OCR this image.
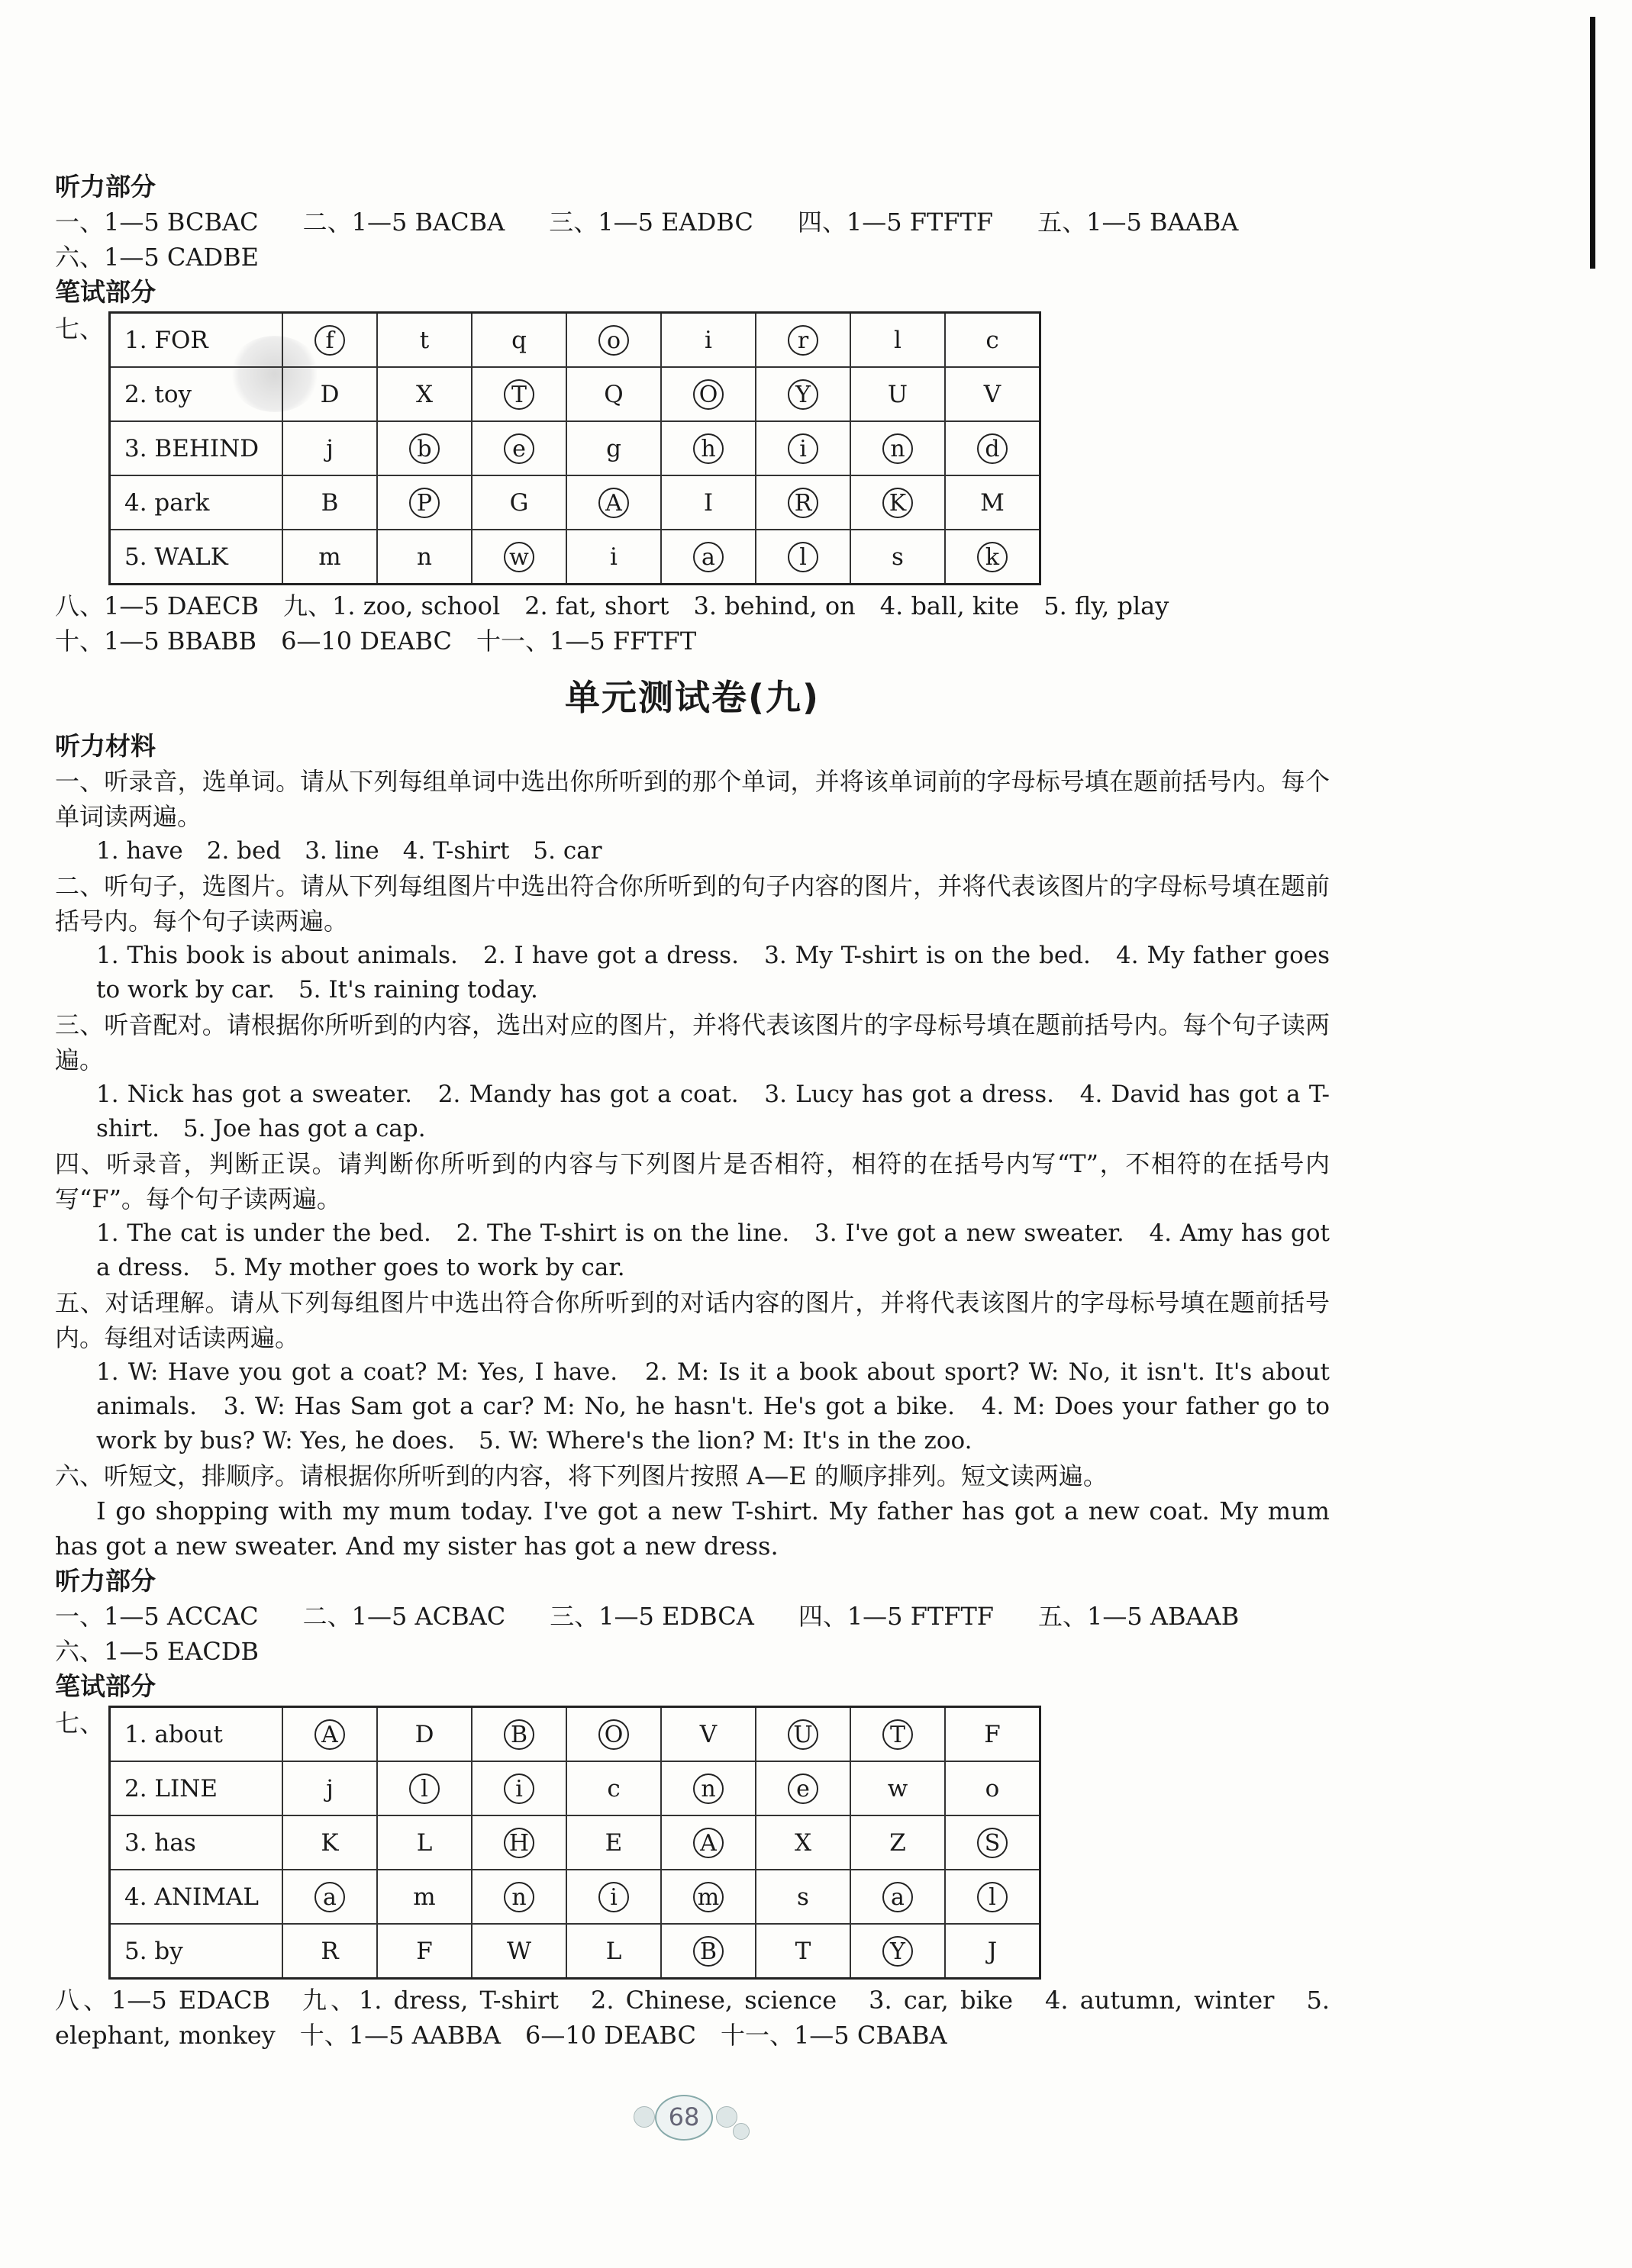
听力部分

一、1—5 BCBAC 二、1—5 BACBA 三、1—5 EADBC 四、1—5 FTFTF 五、1—5 BAABA

六、1—5 CADBE

笔试部分

七、 1. FOR	f	t	q	o	i	r	l	c
2. toy	D	X	T	Q	O	Y	U	V
3. BEHIND	j	b	e	g	h	i	n	d
4. park	B	P	G	A	I	R	K	M
5. WALK	m	n	w	i	a	l	s	k

八、1—5 DAECB　九、1. zoo, school　2. fat, short　3. behind, on　4. ball, kite　5. fly, play

十、1—5 BBABB　6—10 DEABC　十一、1—5 FFTFT

单元测试卷(九)

听力材料

一、听录音，选单词。请从下列每组单词中选出你所听到的那个单词，并将该单词前的字母标号填在题前括号内。每个单词读两遍。

1. have　2. bed　3. line　4. T-shirt　5. car

二、听句子，选图片。请从下列每组图片中选出符合你所听到的句子内容的图片，并将代表该图片的字母标号填在题前括号内。每个句子读两遍。

1. This book is about animals.　2. I have got a dress.　3. My T-shirt is on the bed.　4. My father goes to work by car.　5. It's raining today.

三、听音配对。请根据你所听到的内容，选出对应的图片，并将代表该图片的字母标号填在题前括号内。每个句子读两遍。

1. Nick has got a sweater.　2. Mandy has got a coat.　3. Lucy has got a dress.　4. David has got a T-shirt.　5. Joe has got a cap.

四、听录音，判断正误。请判断你所听到的内容与下列图片是否相符，相符的在括号内写“T”，不相符的在括号内写“F”。每个句子读两遍。

1. The cat is under the bed.　2. The T-shirt is on the line.　3. I've got a new sweater.　4. Amy has got a dress.　5. My mother goes to work by car.

五、对话理解。请从下列每组图片中选出符合你所听到的对话内容的图片，并将代表该图片的字母标号填在题前括号内。每组对话读两遍。

1. W: Have you got a coat? M: Yes, I have.　2. M: Is it a book about sport? W: No, it isn't. It's about animals.　3. W: Has Sam got a car? M: No, he hasn't. He's got a bike.　4. M: Does your father go to work by bus? W: Yes, he does.　5. W: Where's the lion? M: It's in the zoo.

六、听短文，排顺序。请根据你所听到的内容，将下列图片按照 A—E 的顺序排列。短文读两遍。

I go shopping with my mum today. I've got a new T-shirt. My father has got a new coat. My mum has got a new sweater. And my sister has got a new dress.

听力部分

一、1—5 ACCAC 二、1—5 ACBAC 三、1—5 EDBCA 四、1—5 FTFTF 五、1—5 ABAAB

六、1—5 EACDB

笔试部分

七、 1. about	A	D	B	O	V	U	T	F
2. LINE	j	l	i	c	n	e	w	o
3. has	K	L	H	E	A	X	Z	S
4. ANIMAL	a	m	n	i	m	s	a	l
5. by	R	F	W	L	B	T	Y	J

八、1—5 EDACB　九、1. dress, T-shirt　2. Chinese, science　3. car, bike　4. autumn, winter　5. elephant, monkey　十、1—5 AABBA　6—10 DEABC　十一、1—5 CBABA

68
